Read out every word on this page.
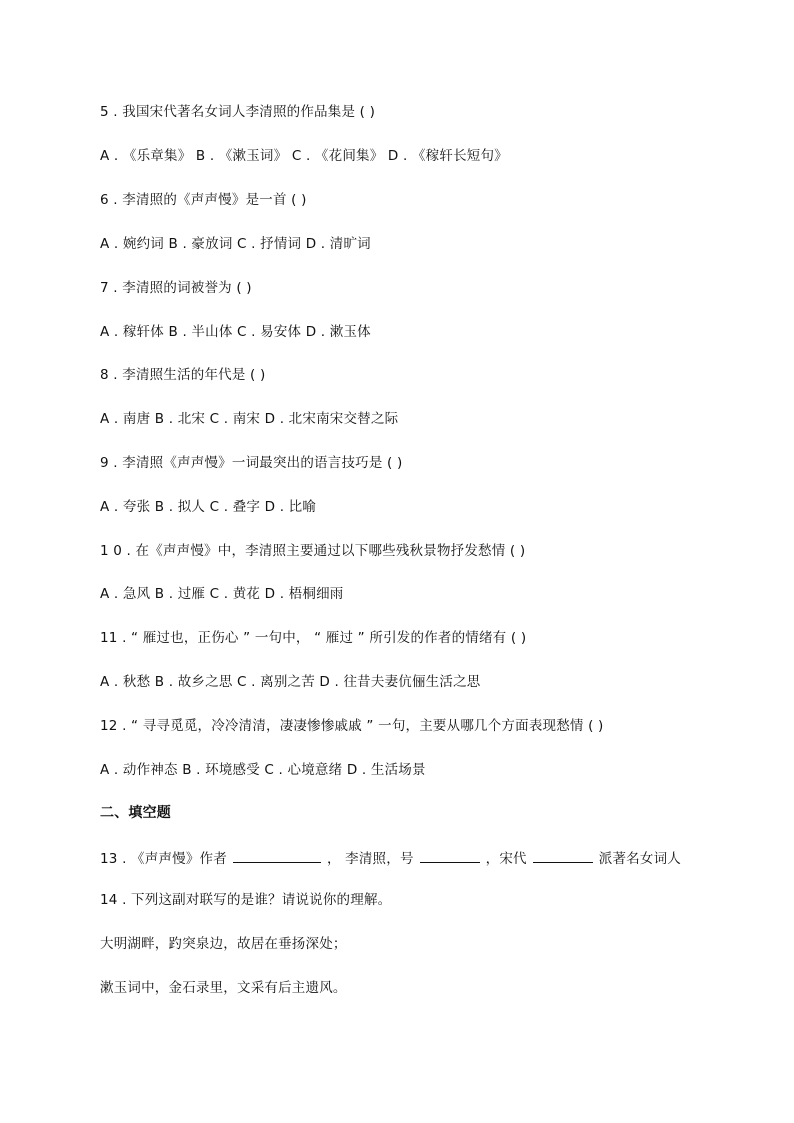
5 . 我国宋代著名女词人李清照的作品集是 ( )
A . 《乐章集》 B . 《漱玉词》 C . 《花间集》 D . 《稼轩长短句》
6 . 李清照的《声声慢》是一首 ( )
A . 婉约词 B . 豪放词 C . 抒情词 D . 清旷词
7 . 李清照的词被誉为 ( )
A . 稼轩体 B . 半山体 C . 易安体 D . 漱玉体
8 . 李清照生活的年代是 ( )
A . 南唐 B . 北宋 C . 南宋 D . 北宋南宋交替之际
9 . 李清照《声声慢》一词最突出的语言技巧是 ( )
A . 夸张 B . 拟人 C . 叠字 D . 比喻
1 0 . 在《声声慢》中，李清照主要通过以下哪些残秋景物抒发愁情 ( )
A . 急风 B . 过雁 C . 黄花 D . 梧桐细雨
11 . “ 雁过也，正伤心 ” 一句中， “ 雁过 ” 所引发的作者的情绪有 ( )
A . 秋愁 B . 故乡之思 C . 离别之苦 D . 往昔夫妻伉俪生活之思
12 . “ 寻寻觅觅，冷冷清清，凄凄惨惨戚戚 ” 一句，主要从哪几个方面表现愁情 ( )
A . 动作神态 B . 环境感受 C . 心境意绪 D . 生活场景
二、填空题
13 . 《声声慢》作者	， 李清照，号	，宋代	派著名女词人
14 . 下列这副对联写的是谁？请说说你的理解。
大明湖畔，趵突泉边，故居在垂扬深处；
漱玉词中，金石录里，文采有后主遗风。
